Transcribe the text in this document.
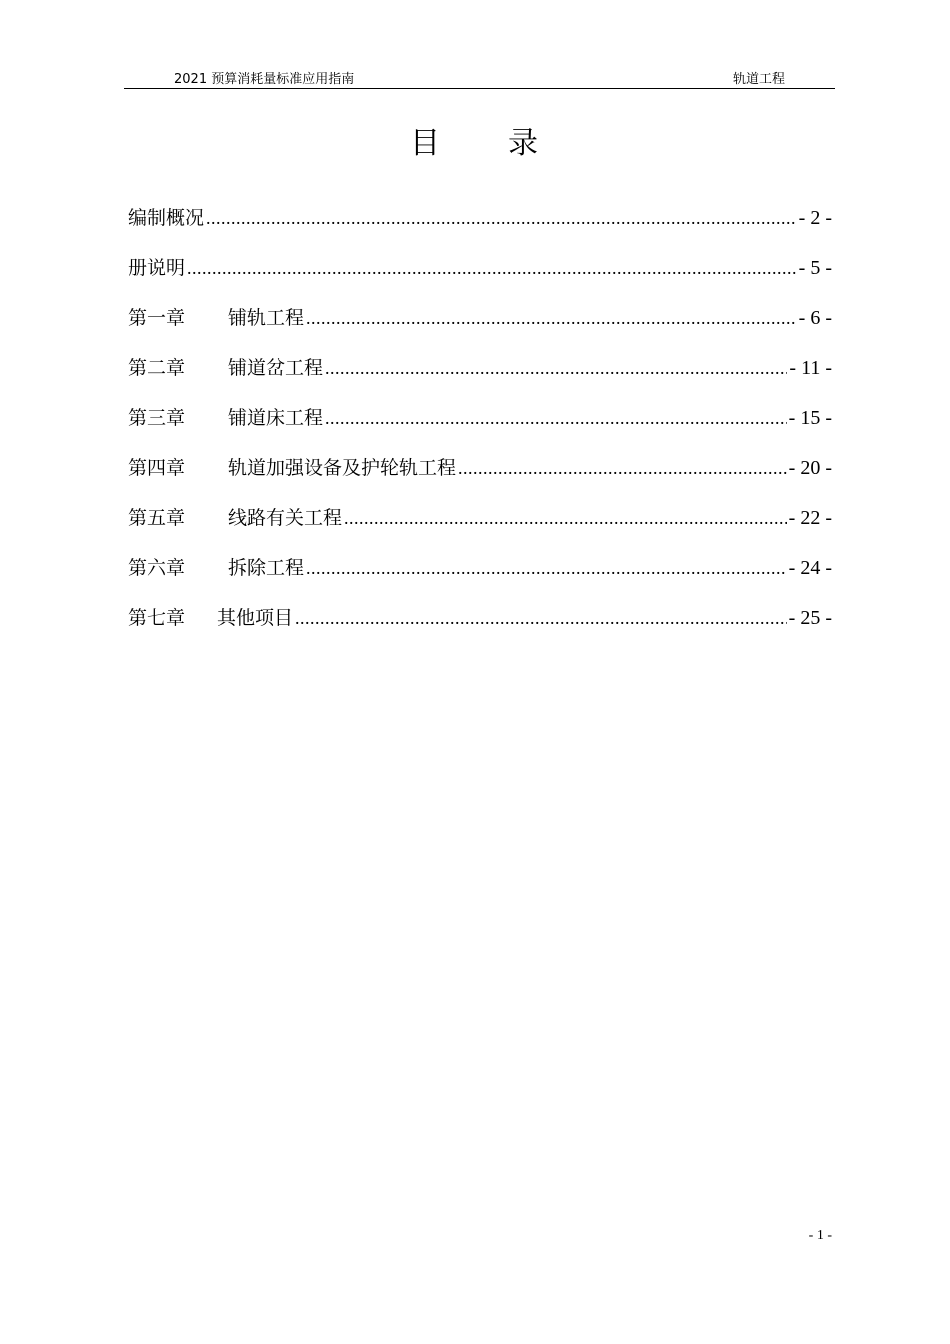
2021 预算消耗量标准应用指南	轨道工程
目 录
编制概况 .....	- 2 -
册说明 .....	- 5 -
第一章	铺轨工程 .....	- 6 -
第二章	铺道岔工程 .....	- 11 -
第三章	铺道床工程 .....	- 15 -
第四章	轨道加强设备及护轮轨工程 .....	- 20 -
第五章	线路有关工程 .....	- 22 -
第六章	拆除工程 .....	- 24 -
第七章	其他项目 .....	- 25 -
- 1 -
